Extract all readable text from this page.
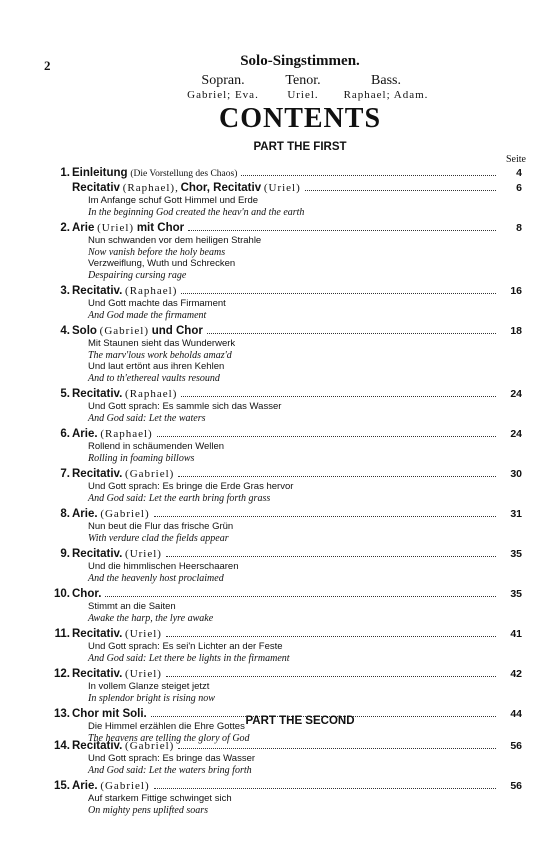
2	Solo-Singstimmen.
Sopran.
Gabriel; Eva.
Tenor.
Uriel.
Bass.
Raphael; Adam.
CONTENTS
PART THE FIRST
Seite
1. Einleitung (Die Vorstellung des Chaos)	4
Recitativ (Raphael), Chor, Recitativ (Uriel)	6
Im Anfange schuf Gott Himmel und Erde
In the beginning God created the heav'n and the earth
2. Arie (Uriel) mit Chor	8
Nun schwanden vor dem heiligen Strahle
Now vanish before the holy beams
Verzweiflung, Wuth und Schrecken
Despairing cursing rage
3. Recitativ. (Raphael)	16
Und Gott machte das Firmament
And God made the firmament
4. Solo (Gabriel) und Chor	18
Mit Staunen sieht das Wunderwerk
The marv'lous work beholds amaz'd
Und laut ertönt aus ihren Kehlen
And to th'ethereal vaults resound
5. Recitativ. (Raphael)	24
Und Gott sprach: Es sammle sich das Wasser
And God said: Let the waters
6. Arie. (Raphael)	24
Rollend in schäumenden Wellen
Rolling in foaming billows
7. Recitativ. (Gabriel)	30
Und Gott sprach: Es bringe die Erde Gras hervor
And God said: Let the earth bring forth grass
8. Arie. (Gabriel)	31
Nun beut die Flur das frische Grün
With verdure clad the fields appear
9. Recitativ. (Uriel)	35
Und die himmlischen Heerschaaren
And the heavenly host proclaimed
10. Chor.	35
Stimmt an die Saiten
Awake the harp, the lyre awake
11. Recitativ. (Uriel)	41
Und Gott sprach: Es sei'n Lichter an der Feste
And God said: Let there be lights in the firmament
12. Recitativ. (Uriel)	42
In vollem Glanze steiget jetzt
In splendor bright is rising now
13. Chor mit Soli.	44
Die Himmel erzählen die Ehre Gottes
The heavens are telling the glory of God
PART THE SECOND
14. Recitativ. (Gabriel)	56
Und Gott sprach: Es bringe das Wasser
And God said: Let the waters bring forth
15. Arie. (Gabriel)	56
Auf starkem Fittige schwinget sich
On mighty pens uplifted soars
